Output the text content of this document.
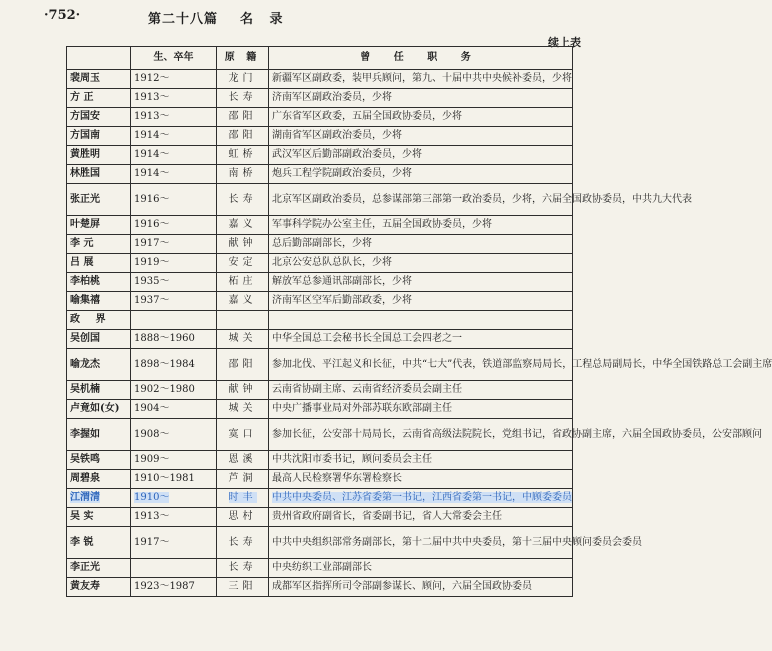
·752·	第二十八篇 名 录
续上表
	生、卒年	原 籍	曾 任 职 务
裴周玉	1912～	龙门	新疆军区副政委，装甲兵顾问，第九、十届中共中央候补委员，少将
方 正	1913～	长寿	济南军区副政治委员，少将
方国安	1913～	邵阳	广东省军区政委，五届全国政协委员，少将
方国南	1914～	邵阳	湖南省军区副政治委员，少将
黄胜明	1914～	虹桥	武汉军区后勤部副政治委员，少将
林胜国	1914～	南桥	炮兵工程学院副政治委员，少将
张正光	1916～	长寿	北京军区副政治委员，总参谋部第三部第一政治委员，少将，六届全国政协委员，中共九大代表
叶楚屏	1916～	嘉义	军事科学院办公室主任，五届全国政协委员，少将
李 元	1917～	献钟	总后勤部副部长，少将
吕 展	1919～	安定	北京公安总队总队长，少将
李柏桃	1935～	柘庄	解放军总参通讯部副部长，少将
喻集禧	1937～	嘉义	济南军区空军后勤部政委，少将
政 界			
吴创国	1888～1960	城关	中华全国总工会秘书长全国总工会四老之一
喻龙杰	1898～1984	邵阳	参加北伐、平江起义和长征，中共“七大”代表，铁道部监察局局长，工程总局副局长，中华全国铁路总工会副主席
吴机楠	1902～1980	献钟	云南省协副主席、云南省经济委员会副主任
卢竟如(女)	1904～	城关	中央广播事业局对外部苏联东欧部副主任
李握如	1908～	寞口	参加长征，公安部十局局长，云南省高级法院院长，党组书记，省政协副主席，六届全国政协委员，公安部顾问
吴铁鸣	1909～	恩溪	中共沈阳市委书记，顾问委员会主任
周碧泉	1910～1981	芦洞	最高人民检察署华东署检察长
江渭清	1910～	时丰	中共中央委员、江苏省委第一书记，江西省委第一书记，中顾委委员
吴 实	1913～	思村	贵州省政府副省长，省委副书记，省人大常委会主任
李 锐	1917～	长寿	中共中央组织部常务副部长，第十二届中共中央委员，第十三届中央顾问委员会委员
李正光		长寿	中央纺织工业部副部长
黄友寿	1923～1987	三阳	成都军区指挥所司令部副参谋长、顾问，六届全国政协委员
